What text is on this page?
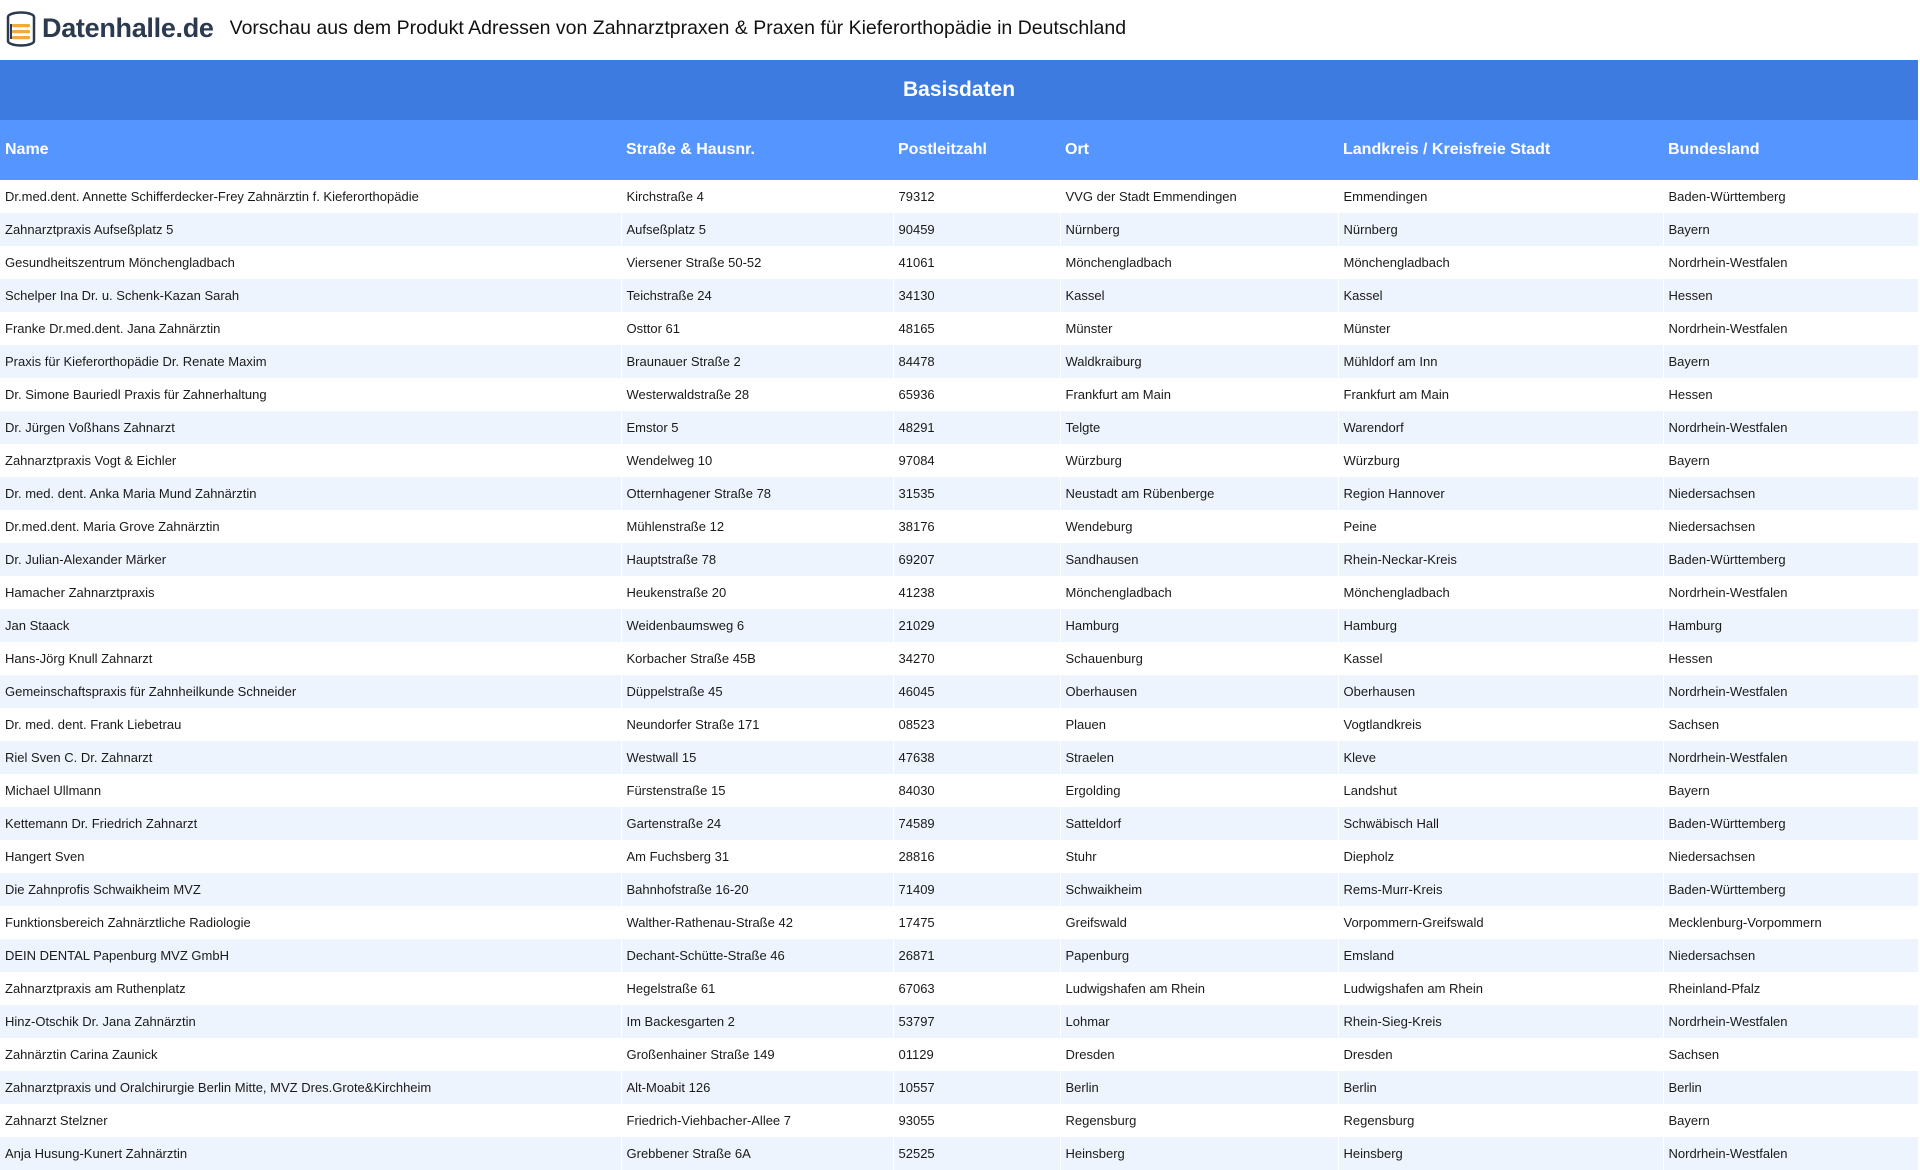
Datenhalle.de Vorschau aus dem Produkt Adressen von Zahnarztpraxen & Praxen für Kieferorthopädie in Deutschland
Basisdaten					
Name	Straße & Hausnr.	Postleitzahl	Ort	Landkreis / Kreisfreie Stadt	Bundesland
Dr.med.dent. Annette Schifferdecker-Frey Zahnärztin f. Kieferorthopädie	Kirchstraße 4	79312	VVG der Stadt Emmendingen	Emmendingen	Baden-Württemberg
Zahnarztpraxis Aufseßplatz 5	Aufseßplatz 5	90459	Nürnberg	Nürnberg	Bayern
Gesundheitszentrum Mönchengladbach	Viersener Straße 50-52	41061	Mönchengladbach	Mönchengladbach	Nordrhein-Westfalen
Schelper Ina Dr. u. Schenk-Kazan Sarah	Teichstraße 24	34130	Kassel	Kassel	Hessen
Franke Dr.med.dent. Jana Zahnärztin	Osttor 61	48165	Münster	Münster	Nordrhein-Westfalen
Praxis für Kieferorthopädie Dr. Renate Maxim	Braunauer Straße 2	84478	Waldkraiburg	Mühldorf am Inn	Bayern
Dr. Simone Bauriedl Praxis für Zahnerhaltung	Westerwaldstraße 28	65936	Frankfurt am Main	Frankfurt am Main	Hessen
Dr. Jürgen Voßhans Zahnarzt	Emstor 5	48291	Telgte	Warendorf	Nordrhein-Westfalen
Zahnarztpraxis Vogt & Eichler	Wendelweg 10	97084	Würzburg	Würzburg	Bayern
Dr. med. dent. Anka Maria Mund Zahnärztin	Otternhagener Straße 78	31535	Neustadt am Rübenberge	Region Hannover	Niedersachsen
Dr.med.dent. Maria Grove Zahnärztin	Mühlenstraße 12	38176	Wendeburg	Peine	Niedersachsen
Dr. Julian-Alexander Märker	Hauptstraße 78	69207	Sandhausen	Rhein-Neckar-Kreis	Baden-Württemberg
Hamacher Zahnarztpraxis	Heukenstraße 20	41238	Mönchengladbach	Mönchengladbach	Nordrhein-Westfalen
Jan Staack	Weidenbaumsweg 6	21029	Hamburg	Hamburg	Hamburg
Hans-Jörg Knull Zahnarzt	Korbacher Straße 45B	34270	Schauenburg	Kassel	Hessen
Gemeinschaftspraxis für Zahnheilkunde Schneider	Düppelstraße 45	46045	Oberhausen	Oberhausen	Nordrhein-Westfalen
Dr. med. dent. Frank Liebetrau	Neundorfer Straße 171	08523	Plauen	Vogtlandkreis	Sachsen
Riel Sven C. Dr. Zahnarzt	Westwall 15	47638	Straelen	Kleve	Nordrhein-Westfalen
Michael Ullmann	Fürstenstraße 15	84030	Ergolding	Landshut	Bayern
Kettemann Dr. Friedrich Zahnarzt	Gartenstraße 24	74589	Satteldorf	Schwäbisch Hall	Baden-Württemberg
Hangert Sven	Am Fuchsberg 31	28816	Stuhr	Diepholz	Niedersachsen
Die Zahnprofis Schwaikheim MVZ	Bahnhofstraße 16-20	71409	Schwaikheim	Rems-Murr-Kreis	Baden-Württemberg
Funktionsbereich Zahnärztliche Radiologie	Walther-Rathenau-Straße 42	17475	Greifswald	Vorpommern-Greifswald	Mecklenburg-Vorpommern
DEIN DENTAL Papenburg MVZ GmbH	Dechant-Schütte-Straße 46	26871	Papenburg	Emsland	Niedersachsen
Zahnarztpraxis am Ruthenplatz	Hegelstraße 61	67063	Ludwigshafen am Rhein	Ludwigshafen am Rhein	Rheinland-Pfalz
Hinz-Otschik Dr. Jana Zahnärztin	Im Backesgarten 2	53797	Lohmar	Rhein-Sieg-Kreis	Nordrhein-Westfalen
Zahnärztin Carina Zaunick	Großenhainer Straße 149	01129	Dresden	Dresden	Sachsen
Zahnarztpraxis und Oralchirurgie Berlin Mitte, MVZ Dres.Grote&Kirchheim	Alt-Moabit 126	10557	Berlin	Berlin	Berlin
Zahnarzt Stelzner	Friedrich-Viehbacher-Allee 7	93055	Regensburg	Regensburg	Bayern
Anja Husung-Kunert Zahnärztin	Grebbener Straße 6A	52525	Heinsberg	Heinsberg	Nordrhein-Westfalen
